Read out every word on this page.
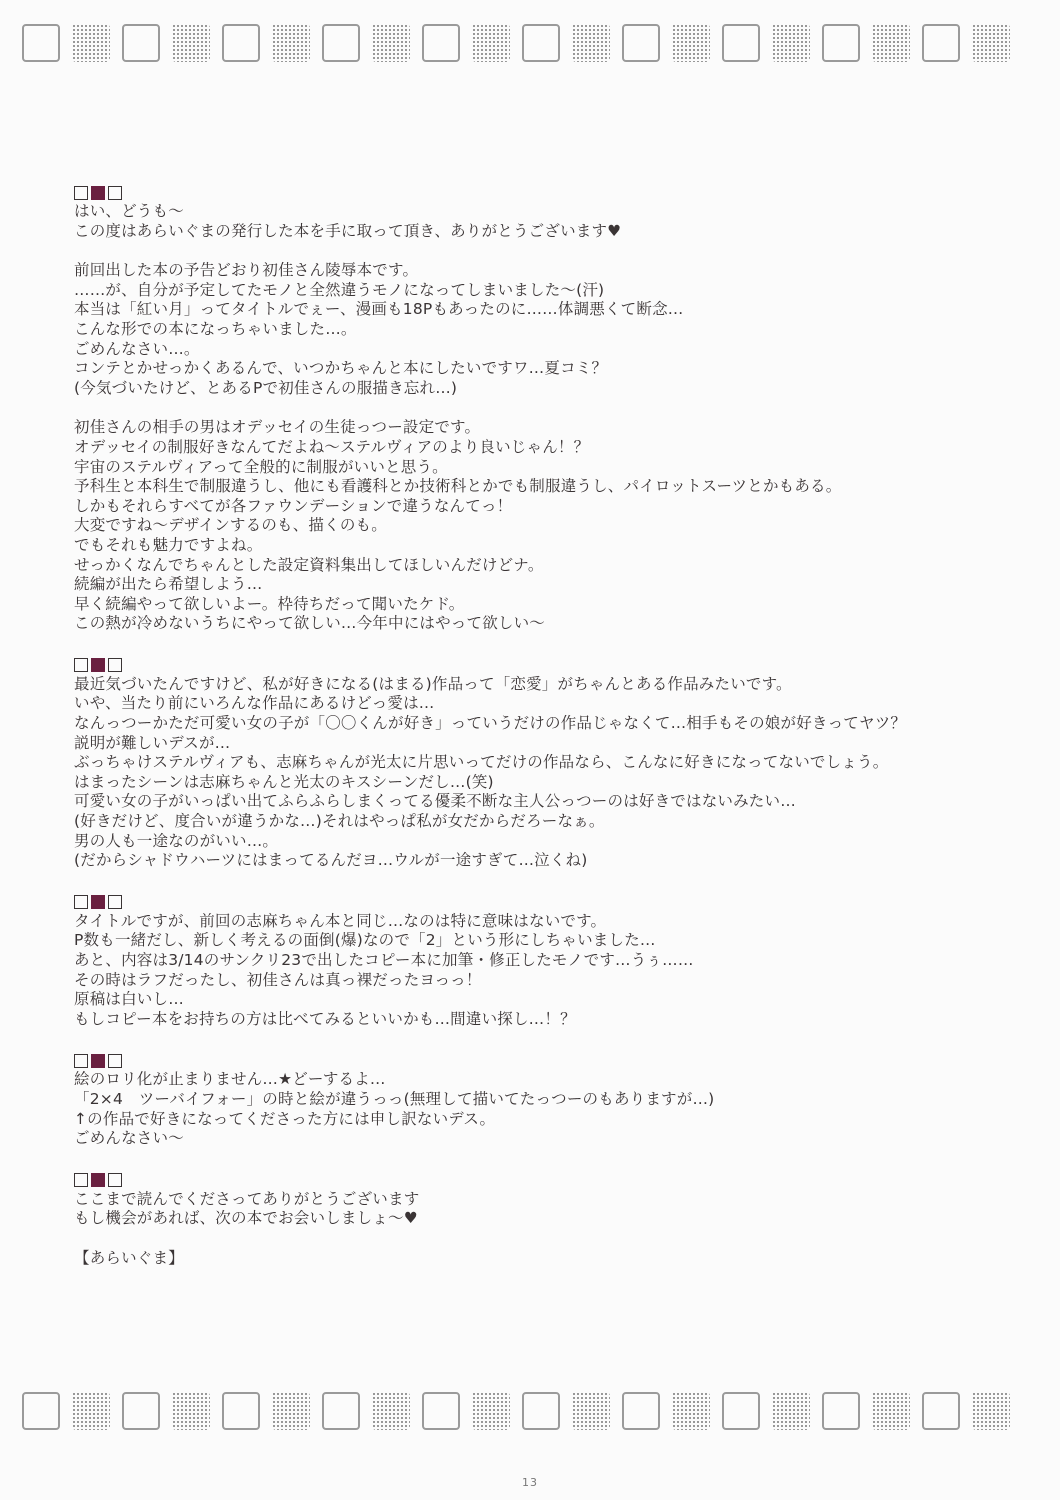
はい、どうも〜
この度はあらいぐまの発行した本を手に取って頂き、ありがとうございます♥
前回出した本の予告どおり初佳さん陵辱本です。
……が、自分が予定してたモノと全然違うモノになってしまいました〜(汗)
本当は「紅い月」ってタイトルでぇー、漫画も18Pもあったのに……体調悪くて断念…
こんな形での本になっちゃいました…。
ごめんなさい…。
コンテとかせっかくあるんで、いつかちゃんと本にしたいですワ…夏コミ？
(今気づいたけど、とあるPで初佳さんの服描き忘れ…)
初佳さんの相手の男はオデッセイの生徒っつー設定です。
オデッセイの制服好きなんてだよね〜ステルヴィアのより良いじゃん！？
宇宙のステルヴィアって全般的に制服がいいと思う。
予科生と本科生で制服違うし、他にも看護科とか技術科とかでも制服違うし、パイロットスーツとかもある。
しかもそれらすべてが各ファウンデーションで違うなんてっ！
大変ですね〜デザインするのも、描くのも。
でもそれも魅力ですよね。
せっかくなんでちゃんとした設定資料集出してほしいんだけどナ。
続編が出たら希望しよう…
早く続編やって欲しいよー。枠待ちだって聞いたケド。
この熱が冷めないうちにやって欲しい…今年中にはやって欲しい〜
最近気づいたんですけど、私が好きになる(はまる)作品って「恋愛」がちゃんとある作品みたいです。
いや、当たり前にいろんな作品にあるけどっ愛は…
なんっつーかただ可愛い女の子が「〇〇くんが好き」っていうだけの作品じゃなくて…相手もその娘が好きってヤツ？
説明が難しいデスが…
ぶっちゃけステルヴィアも、志麻ちゃんが光太に片思いってだけの作品なら、こんなに好きになってないでしょう。
はまったシーンは志麻ちゃんと光太のキスシーンだし…(笑)
可愛い女の子がいっぱい出てふらふらしまくってる優柔不断な主人公っつーのは好きではないみたい…
(好きだけど、度合いが違うかな…)それはやっぱ私が女だからだろーなぁ。
男の人も一途なのがいい…。
(だからシャドウハーツにはまってるんだヨ…ウルが一途すぎて…泣くね)
タイトルですが、前回の志麻ちゃん本と同じ…なのは特に意味はないです。
P数も一緒だし、新しく考えるの面倒(爆)なので「2」という形にしちゃいました…
あと、内容は3/14のサンクリ23で出したコピー本に加筆・修正したモノです…うぅ……
その時はラフだったし、初佳さんは真っ裸だったヨっっ！
原稿は白いし…
もしコピー本をお持ちの方は比べてみるといいかも…間違い探し…！？
絵のロリ化が止まりません…★どーするよ…
「2×4　ツーバイフォー」の時と絵が違うっっ(無理して描いてたっつーのもありますが…)
↑の作品で好きになってくださった方には申し訳ないデス。
ごめんなさい〜
ここまで読んでくださってありがとうございます
もし機会があれば、次の本でお会いしましょ〜♥
【あらいぐま】
13
